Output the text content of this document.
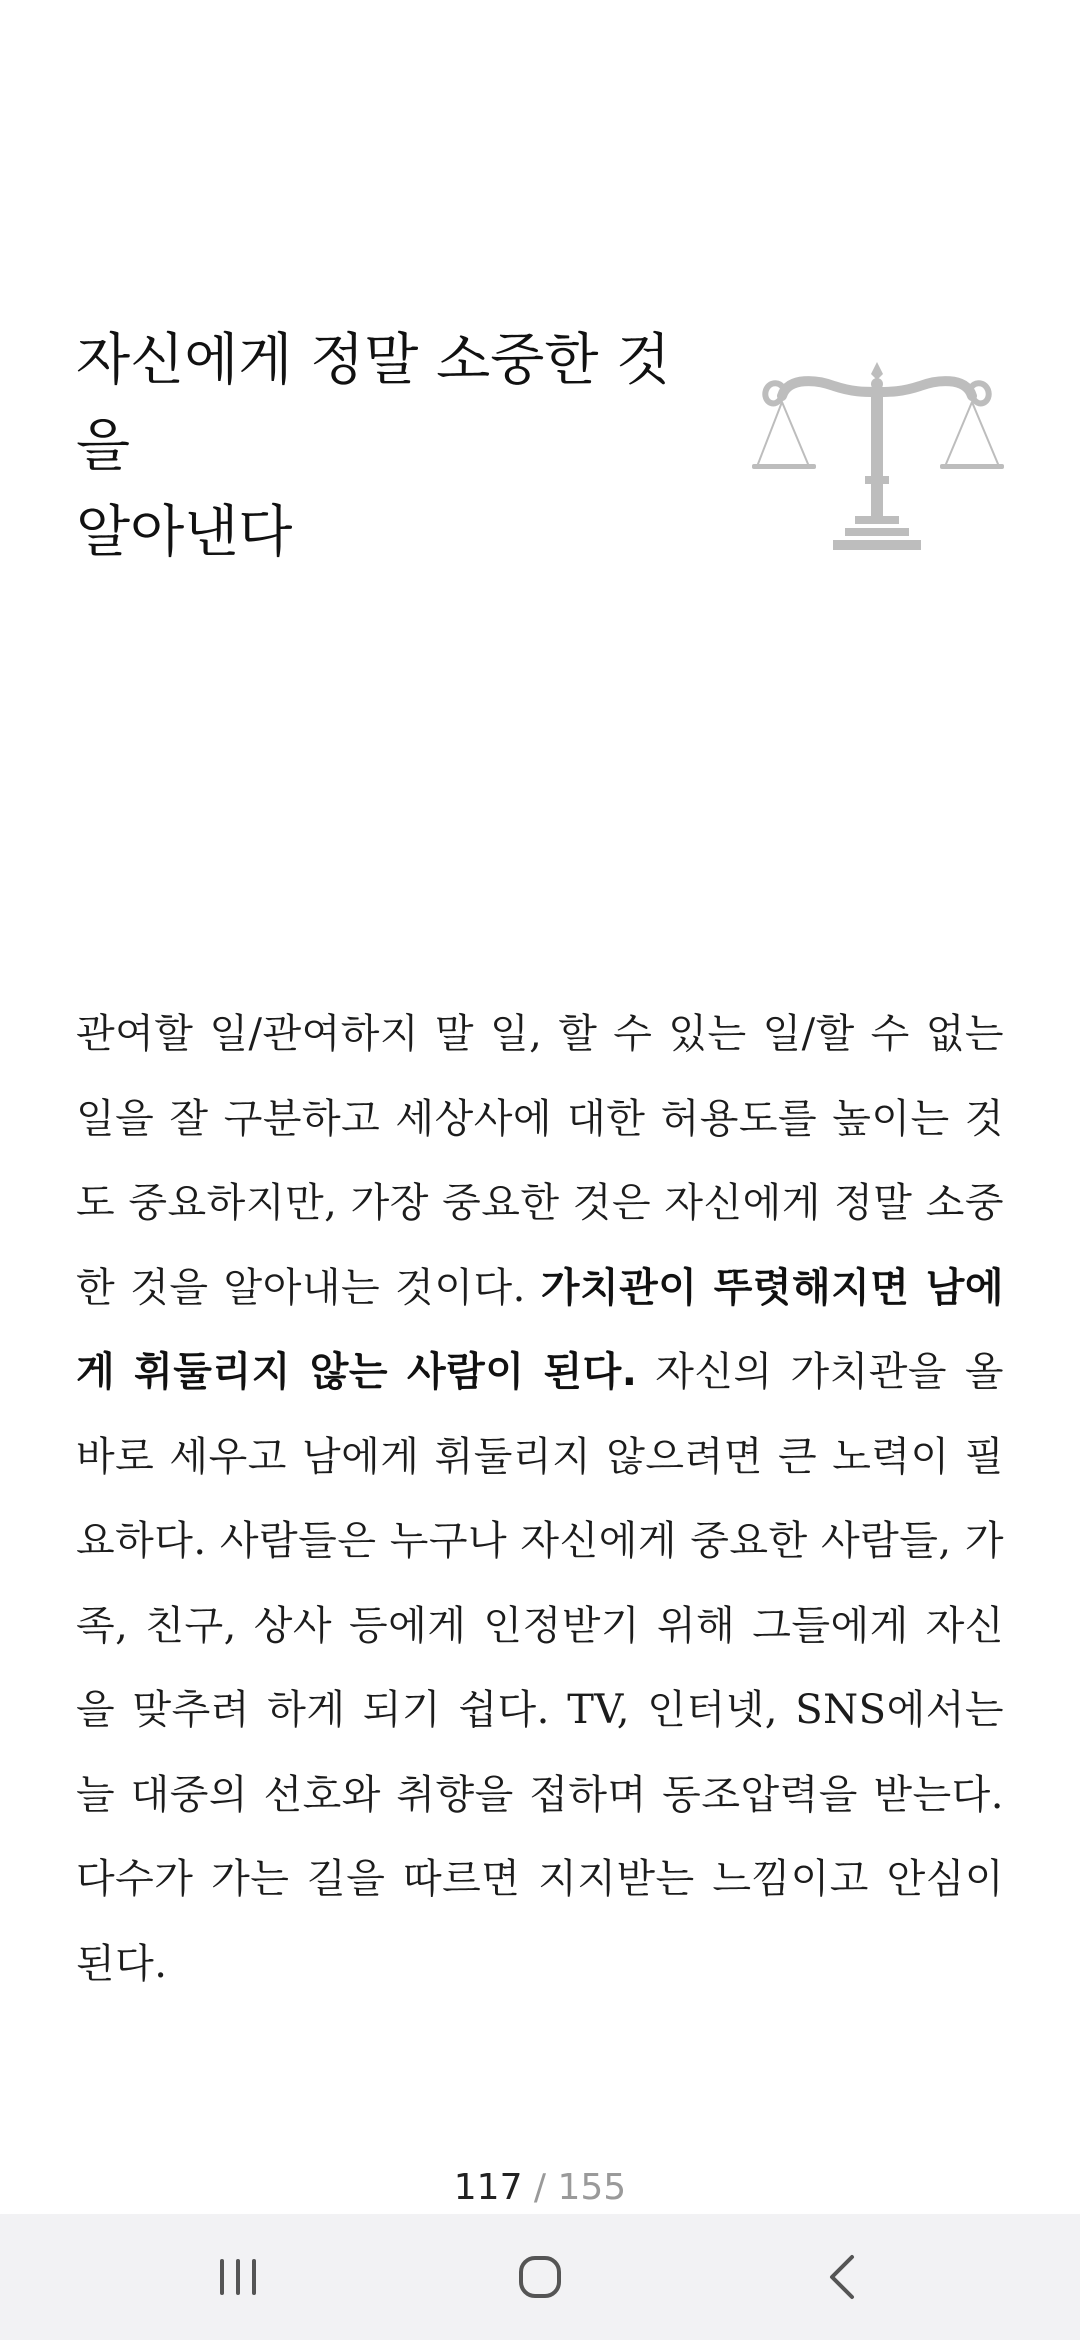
자신에게 정말 소중한 것
을
알아낸다

관여할 일/관여하지 말 일, 할 수 있는 일/할 수 없는 일을 잘 구분하고 세상사에 대한 허용도를 높이는 것도 중요하지만, 가장 중요한 것은 자신에게 정말 소중한 것을 알아내는 것이다. 가치관이 뚜렷해지면 남에게 휘둘리지 않는 사람이 된다. 자신의 가치관을 올바로 세우고 남에게 휘둘리지 않으려면 큰 노력이 필요하다. 사람들은 누구나 자신에게 중요한 사람들, 가족, 친구, 상사 등에게 인정받기 위해 그들에게 자신을 맞추려 하게 되기 쉽다. TV, 인터넷, SNS에서는 늘 대중의 선호와 취향을 접하며 동조압력을 받는다. 다수가 가는 길을 따르면 지지받는 느낌이고 안심이 된다.

117 / 155
